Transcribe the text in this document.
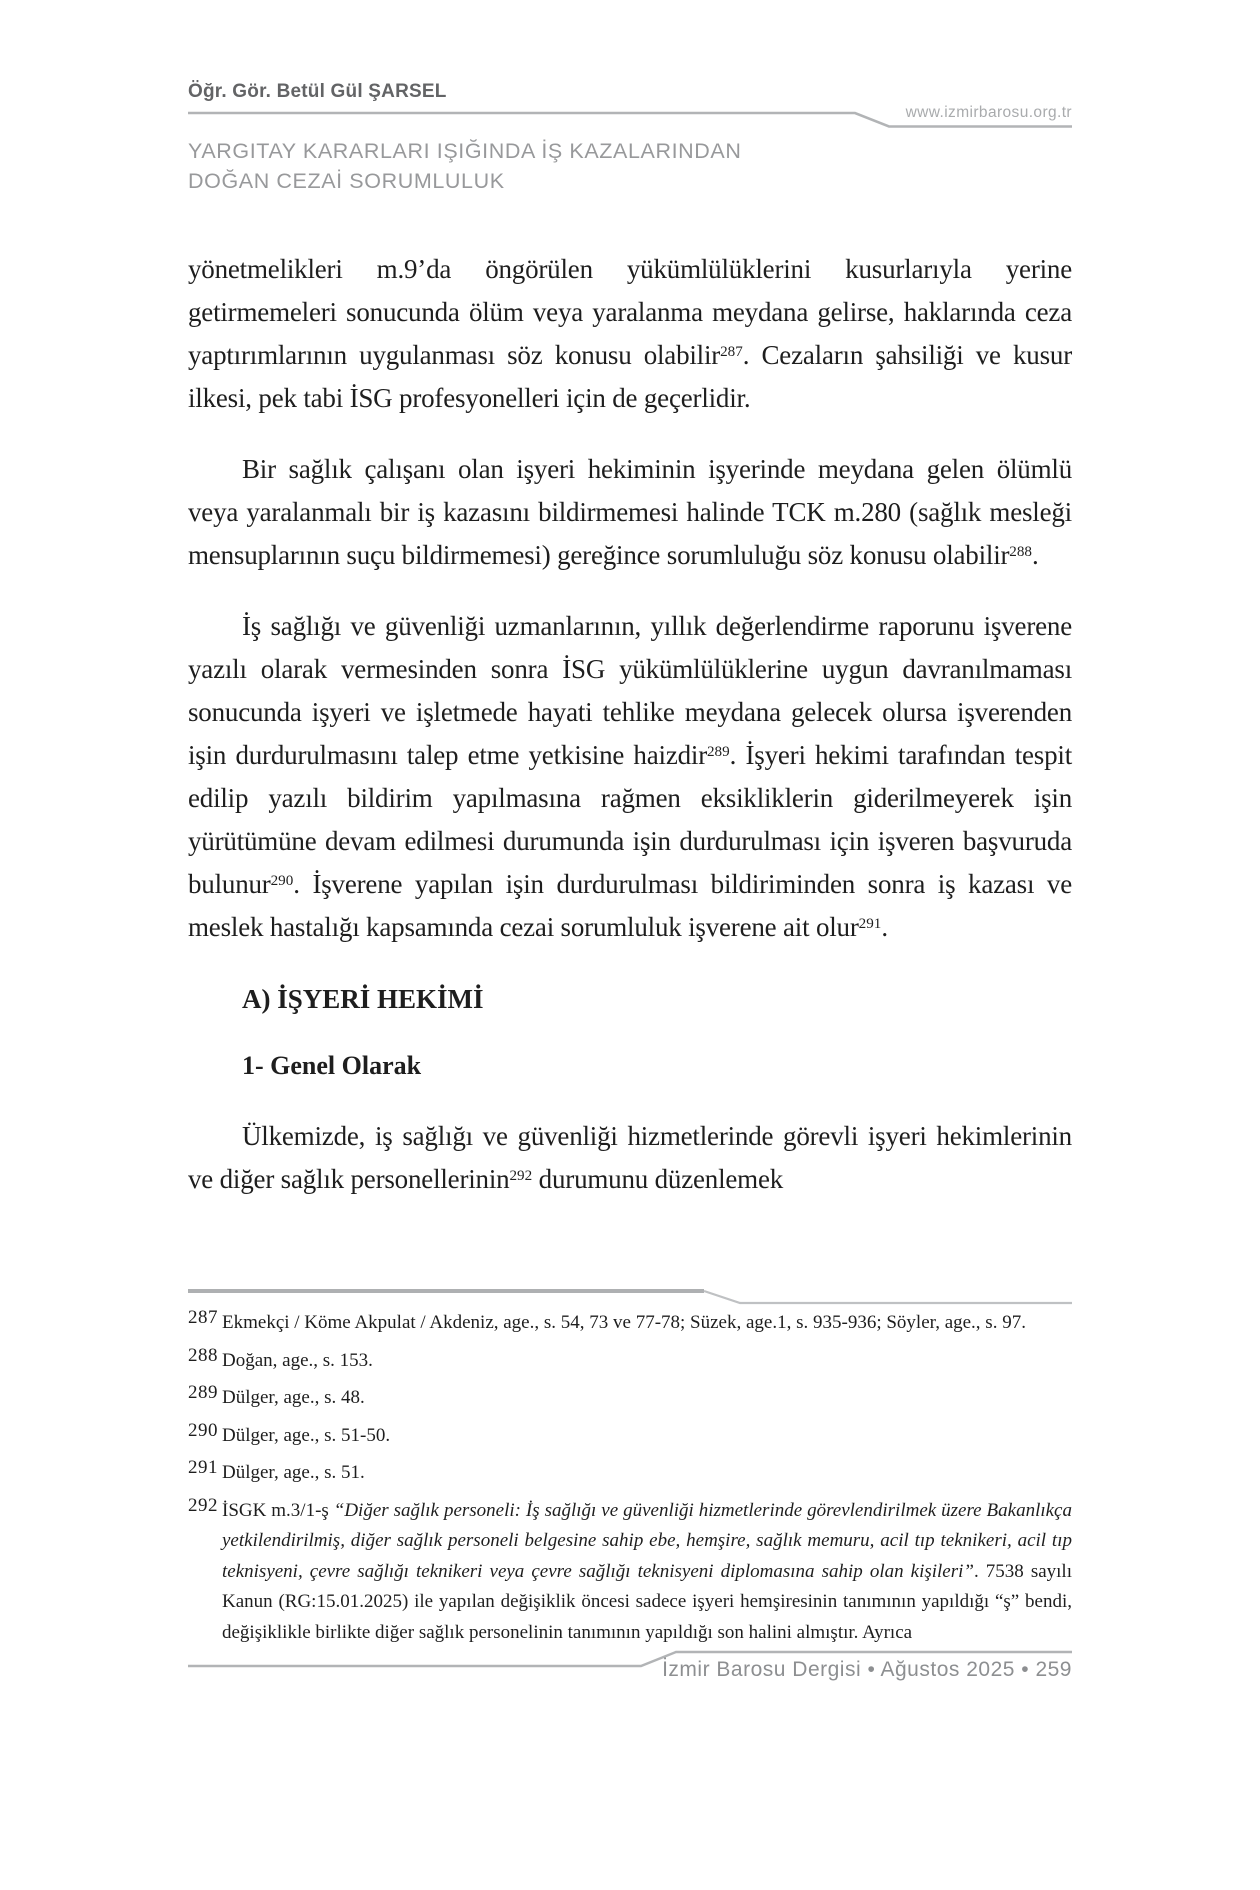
Öğr. Gör. Betül Gül ŞARSEL
www.izmirbarosu.org.tr
YARGITAY KARARLARI IŞIĞINDA İŞ KAZALARINDAN
DOĞAN CEZAİ SORUMLULUK

yönetmelikleri m.9’da öngörülen yükümlülüklerini kusurlarıyla yerine getirmemeleri sonucunda ölüm veya yaralanma meydana gelirse, haklarında ceza yaptırımlarının uygulanması söz konusu olabilir$^{287}$. Cezaların şahsiliği ve kusur ilkesi, pek tabi İSG profesyonelleri için de geçerlidir.

Bir sağlık çalışanı olan işyeri hekiminin işyerinde meydana gelen ölümlü veya yaralanmalı bir iş kazasını bildirmemesi halinde TCK m.280 (sağlık mesleği mensuplarının suçu bildirmemesi) gereğince sorumluluğu söz konusu olabilir$^{288}$.

İş sağlığı ve güvenliği uzmanlarının, yıllık değerlendirme raporunu işverene yazılı olarak vermesinden sonra İSG yükümlülüklerine uygun davranılmaması sonucunda işyeri ve işletmede hayati tehlike meydana gelecek olursa işverenden işin durdurulmasını talep etme yetkisine haizdir$^{289}$. İşyeri hekimi tarafından tespit edilip yazılı bildirim yapılmasına rağmen eksikliklerin giderilmeyerek işin yürütümüne devam edilmesi durumunda işin durdurulması için işveren başvuruda bulunur$^{290}$. İşverene yapılan işin durdurulması bildiriminden sonra iş kazası ve meslek hastalığı kapsamında cezai sorumluluk işverene ait olur$^{291}$.

A) İŞYERİ HEKİMİ
1- Genel Olarak

Ülkemizde, iş sağlığı ve güvenliği hizmetlerinde görevli işyeri hekimlerinin ve diğer sağlık personellerinin$^{292}$ durumunu düzenlemek

287 Ekmekçi / Köme Akpulat / Akdeniz, age., s. 54, 73 ve 77-78; Süzek, age.1, s. 935-936; Söyler, age., s. 97.
288 Doğan, age., s. 153.
289 Dülger, age., s. 48.
290 Dülger, age., s. 51-50.
291 Dülger, age., s. 51.
292 İSGK m.3/1-ş “Diğer sağlık personeli: İş sağlığı ve güvenliği hizmetlerinde görevlendirilmek üzere Bakanlıkça yetkilendirilmiş, diğer sağlık personeli belgesine sahip ebe, hemşire, sağlık memuru, acil tıp teknikeri, acil tıp teknisyeni, çevre sağlığı teknikeri veya çevre sağlığı teknisyeni diplomasına sahip olan kişileri”. 7538 sayılı Kanun (RG:15.01.2025) ile yapılan değişiklik öncesi sadece işyeri hemşiresinin tanımının yapıldığı “ş” bendi, değişiklikle birlikte diğer sağlık personelinin tanımının yapıldığı son halini almıştır. Ayrıca
İzmir Barosu Dergisi • Ağustos 2025 • 259
